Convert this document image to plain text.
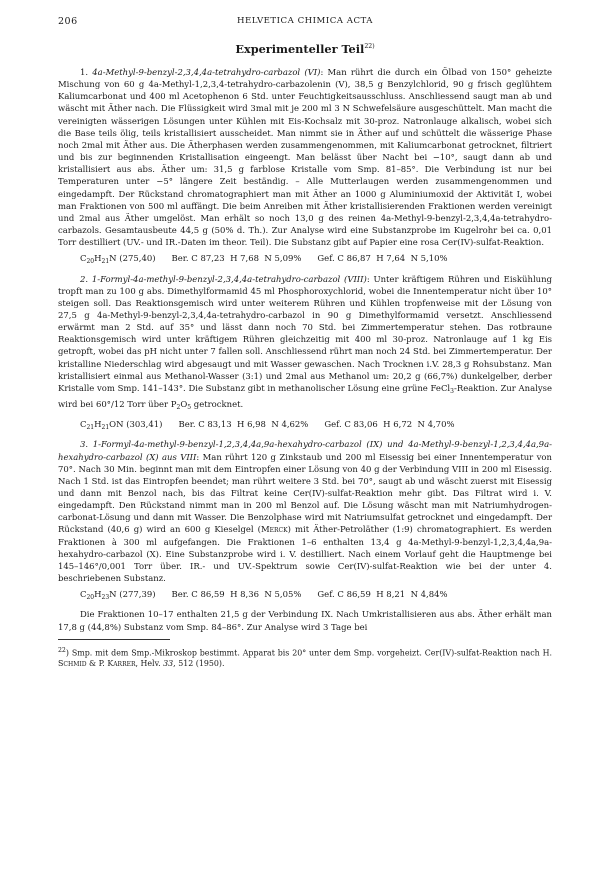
206	HELVETICA CHIMICA ACTA
Experimenteller Teil$^{22)}$

1. 4a-Methyl-9-benzyl-2,3,4,4a-tetrahydro-carbazol (VI): Man rührt die durch ein Ölbad von 150° geheizte Mischung von 60 g 4a-Methyl-1,2,3,4-tetrahydro-carbazolenin (V), 38,5 g Benzylchlorid, 90 g frisch geglühtem Kaliumcarbonat und 400 ml Acetophenon 6 Std. unter Feuchtigkeitsausschluss. Anschliessend saugt man ab und wäscht mit Äther nach. Die Flüssigkeit wird 3mal mit je 200 ml 3 N Schwefelsäure ausgeschüttelt. Man macht die vereinigten wässerigen Lösungen unter Kühlen mit Eis-Kochsalz mit 30-proz. Natronlauge alkalisch, wobei sich die Base teils ölig, teils kristallisiert ausscheidet. Man nimmt sie in Äther auf und schüttelt die wässerige Phase noch 2mal mit Äther aus. Die Ätherphasen werden zusammengenommen, mit Kaliumcarbonat getrocknet, filtriert und bis zur beginnenden Kristallisation eingeengt. Man belässt über Nacht bei −10°, saugt dann ab und kristallisiert aus abs. Äther um: 31,5 g farblose Kristalle vom Smp. 81–85°. Die Verbindung ist nur bei Temperaturen unter −5° längere Zeit beständig. – Alle Mutterlaugen werden zusammengenommen und eingedampft. Der Rückstand chromatographiert man mit Äther an 1000 g Aluminiumoxid der Aktivität I, wobei man Fraktionen von 500 ml auffängt. Die beim Anreiben mit Äther kristallisierenden Fraktionen werden vereinigt und 2mal aus Äther umgelöst. Man erhält so noch 13,0 g des reinen 4a-Methyl-9-benzyl-2,3,4,4a-tetrahydrocarbazols. Gesamtausbeute 44,5 g (50% d. Th.). Zur Analyse wird eine Substanzprobe im Kugelrohr bei ca. 0,01 Torr destilliert (UV.- und IR.-Daten im theor. Teil). Die Substanz gibt auf Papier eine rosa Cer(IV)-sulfat-Reaktion.

$C_{20}H_{21}N$ (275,40) Ber. C 87,23 H 7,68 N 5,09% Gef. C 86,87 H 7,64 N 5,10%

2. 1-Formyl-4a-methyl-9-benzyl-2,3,4,4a-tetrahydro-carbazol (VIII): Unter kräftigem Rühren und Eiskühlung tropft man zu 100 g abs. Dimethylformamid 45 ml Phosphoroxychlorid, wobei die Innentemperatur nicht über 10° steigen soll. Das Reaktionsgemisch wird unter weiterem Rühren und Kühlen tropfenweise mit der Lösung von 27,5 g 4a-Methyl-9-benzyl-2,3,4,4a-tetrahydro-carbazol in 90 g Dimethylformamid versetzt. Anschliessend erwärmt man 2 Std. auf 35° und lässt dann noch 70 Std. bei Zimmertemperatur stehen. Das rotbraune Reaktionsgemisch wird unter kräftigem Rühren gleichzeitig mit 400 ml 30-proz. Natronlauge auf 1 kg Eis getropft, wobei das pH nicht unter 7 fallen soll. Anschliessend rührt man noch 24 Std. bei Zimmertemperatur. Der kristalline Niederschlag wird abgesaugt und mit Wasser gewaschen. Nach Trocknen i.V. 28,3 g Rohsubstanz. Man kristallisiert einmal aus Methanol-Wasser (3:1) und 2mal aus Methanol um: 20,2 g (66,7%) dunkelgelber, derber Kristalle vom Smp. 141–143°. Die Substanz gibt in methanolischer Lösung eine grüne FeCl$_3$-Reaktion. Zur Analyse wird bei 60°/12 Torr über $P_2O_5$ getrocknet.

$C_{21}H_{21}ON$ (303,41) Ber. C 83,13 H 6,98 N 4,62% Gef. C 83,06 H 6,72 N 4,70%

3. 1-Formyl-4a-methyl-9-benzyl-1,2,3,4,4a,9a-hexahydro-carbazol (IX) und 4a-Methyl-9-benzyl-1,2,3,4,4a,9a-hexahydro-carbazol (X) aus VIII: Man rührt 120 g Zinkstaub und 200 ml Eisessig bei einer Innentemperatur von 70°. Nach 30 Min. beginnt man mit dem Eintropfen einer Lösung von 40 g der Verbindung VIII in 200 ml Eisessig. Nach 1 Std. ist das Eintropfen beendet; man rührt weitere 3 Std. bei 70°, saugt ab und wäscht zuerst mit Eisessig und dann mit Benzol nach, bis das Filtrat keine Cer(IV)-sulfat-Reaktion mehr gibt. Das Filtrat wird i. V. eingedampft. Den Rückstand nimmt man in 200 ml Benzol auf. Die Lösung wäscht man mit Natriumhydrogencarbonat-Lösung und dann mit Wasser. Die Benzolphase wird mit Natriumsulfat getrocknet und eingedampft. Der Rückstand (40,6 g) wird an 600 g Kieselgel (Merck) mit Äther-Petroläther (1:9) chromatographiert. Es werden Fraktionen à 300 ml aufgefangen. Die Fraktionen 1–6 enthalten 13,4 g 4a-Methyl-9-benzyl-1,2,3,4,4a,9a-hexahydro-carbazol (X). Eine Substanzprobe wird i. V. destilliert. Nach einem Vorlauf geht die Hauptmenge bei 145–146°/0,001 Torr über. IR.- und UV.-Spektrum sowie Cer(IV)-sulfat-Reaktion wie bei der unter 4. beschriebenen Substanz.

$C_{20}H_{23}N$ (277,39) Ber. C 86,59 H 8,36 N 5,05% Gef. C 86,59 H 8,21 N 4,84%

Die Fraktionen 10–17 enthalten 21,5 g der Verbindung IX. Nach Umkristallisieren aus abs. Äther erhält man 17,8 g (44,8%) Substanz vom Smp. 84–86°. Zur Analyse wird 3 Tage bei

$^{22}$) Smp. mit dem Smp.-Mikroskop bestimmt. Apparat bis 20° unter dem Smp. vorgeheizt. Cer(IV)-sulfat-Reaktion nach H. Schmid & P. Karrer, Helv. 33, 512 (1950).
